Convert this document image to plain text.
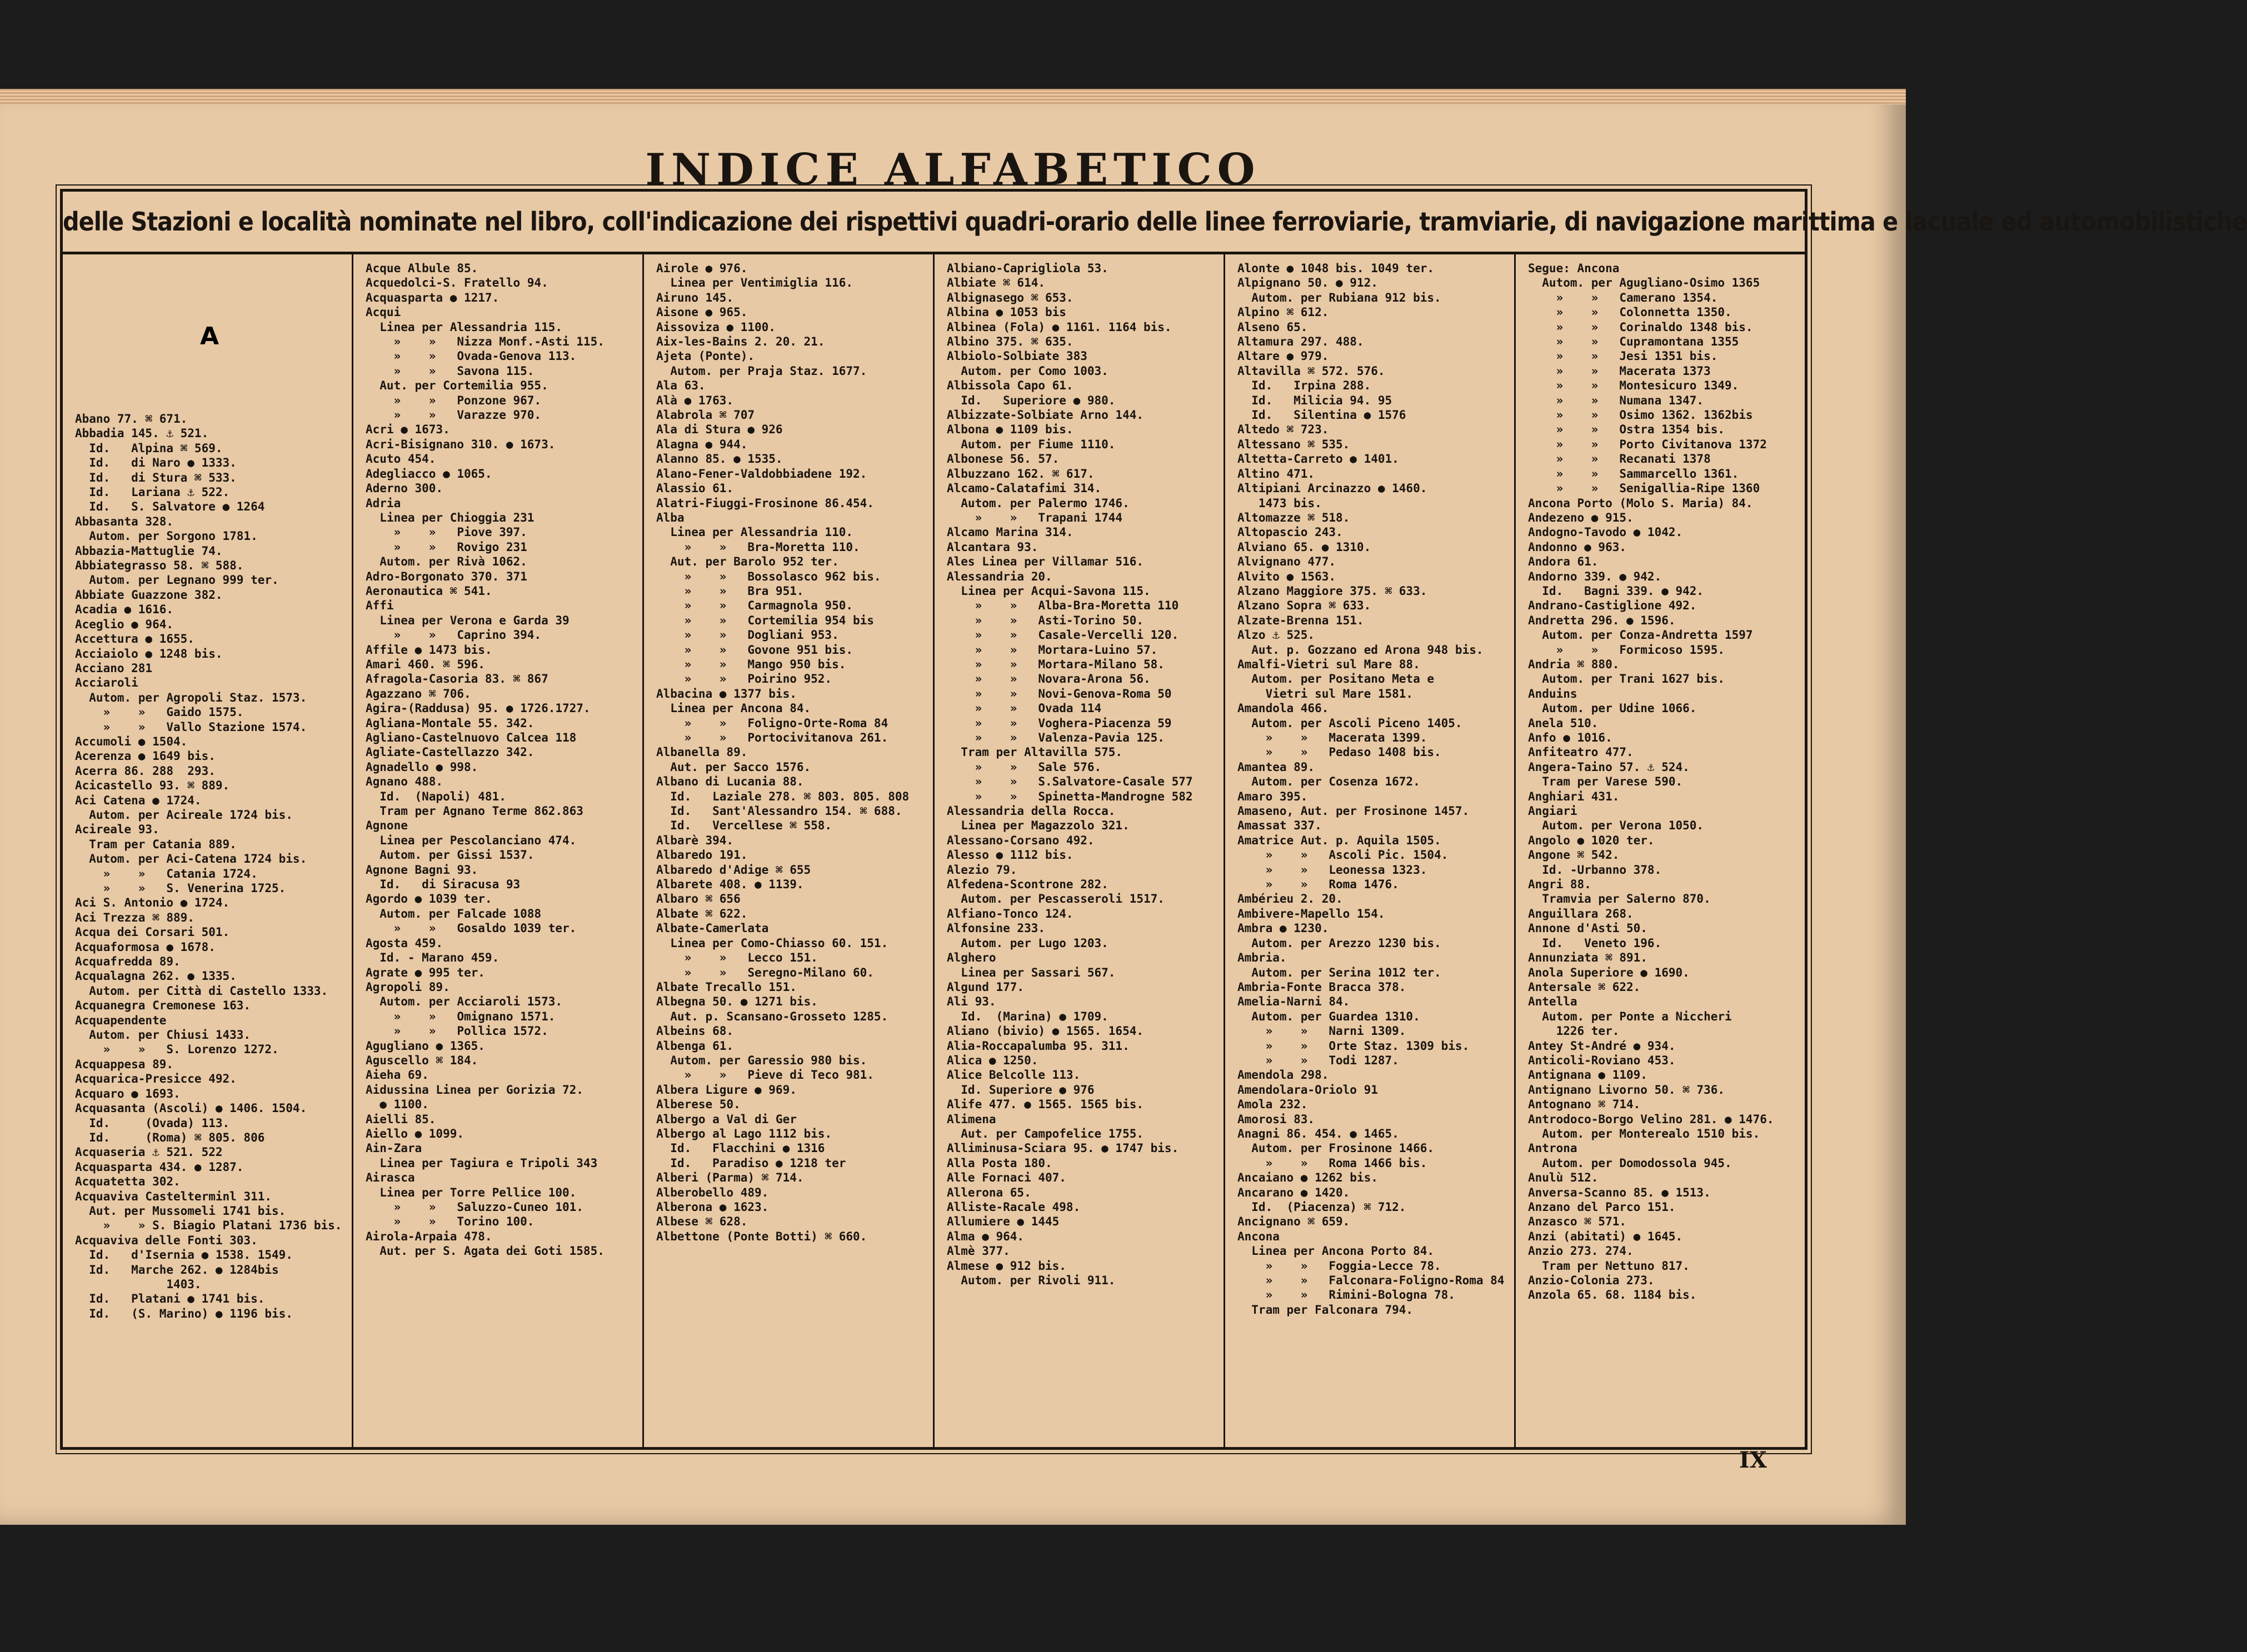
INDICE ALFABETICO
delle Stazioni e località nominate nel libro, coll'indicazione dei rispettivi quadri-orario delle linee ferroviarie, tramviarie, di navigazione marittima e lacuale ed automobilistiche
A
Abano 77. ⌘ 671.
Abbadia 145. ⚓ 521.
Id.   Alpina ⌘ 569.
Id.   di Naro ● 1333.
Id.   di Stura ⌘ 533.
Id.   Lariana ⚓ 522.
Id.   S. Salvatore ● 1264
Abbasanta 328.
Autom. per Sorgono 1781.
Abbazia-Mattuglie 74.
Abbiategrasso 58. ⌘ 588.
Autom. per Legnano 999 ter.
Abbiate Guazzone 382.
Acadia ● 1616.
Aceglio ● 964.
Accettura ● 1655.
Acciaiolo ● 1248 bis.
Acciano 281
Acciaroli
Autom. per Agropoli Staz. 1573.
»    »   Gaido 1575.
»    »   Vallo Stazione 1574.
Accumoli ● 1504.
Acerenza ● 1649 bis.
Acerra 86. 288  293.
Acicastello 93. ⌘ 889.
Aci Catena ● 1724.
Autom. per Acireale 1724 bis.
Acireale 93.
Tram per Catania 889.
Autom. per Aci-Catena 1724 bis.
»    »   Catania 1724.
»    »   S. Venerina 1725.
Aci S. Antonio ● 1724.
Aci Trezza ⌘ 889.
Acqua dei Corsari 501.
Acquaformosa ● 1678.
Acquafredda 89.
Acqualagna 262. ● 1335.
Autom. per Città di Castello 1333.
Acquanegra Cremonese 163.
Acquapendente
Autom. per Chiusi 1433.
»    »   S. Lorenzo 1272.
Acquappesa 89.
Acquarica-Presicce 492.
Acquaro ● 1693.
Acquasanta (Ascoli) ● 1406. 1504.
Id.     (Ovada) 113.
Id.     (Roma) ⌘ 805. 806
Acquaseria ⚓ 521. 522
Acquasparta 434. ● 1287.
Acquatetta 302.
Acquaviva Castelterminl 311.
Aut. per Mussomeli 1741 bis.
»    » S. Biagio Platani 1736 bis.
Acquaviva delle Fonti 303.
Id.   d'Isernia ● 1538. 1549.
Id.   Marche 262. ● 1284bis
1403.
Id.   Platani ● 1741 bis.
Id.   (S. Marino) ● 1196 bis.
Acque Albule 85.
Acquedolci-S. Fratello 94.
Acquasparta ● 1217.
Acqui
Linea per Alessandria 115.
»    »   Nizza Monf.-Asti 115.
»    »   Ovada-Genova 113.
»    »   Savona 115.
Aut. per Cortemilia 955.
»    »   Ponzone 967.
»    »   Varazze 970.
Acri ● 1673.
Acri-Bisignano 310. ● 1673.
Acuto 454.
Adegliacco ● 1065.
Aderno 300.
Adria
Linea per Chioggia 231
»    »   Piove 397.
»    »   Rovigo 231
Autom. per Rivà 1062.
Adro-Borgonato 370. 371
Aeronautica ⌘ 541.
Affi
Linea per Verona e Garda 39
»    »   Caprino 394.
Affile ● 1473 bis.
Amari 460. ⌘ 596.
Afragola-Casoria 83. ⌘ 867
Agazzano ⌘ 706.
Agira-(Raddusa) 95. ● 1726.1727.
Agliana-Montale 55. 342.
Agliano-Castelnuovo Calcea 118
Agliate-Castellazzo 342.
Agnadello ● 998.
Agnano 488.
Id.  (Napoli) 481.
Tram per Agnano Terme 862.863
Agnone
Linea per Pescolanciano 474.
Autom. per Gissi 1537.
Agnone Bagni 93.
Id.   di Siracusa 93
Agordo ● 1039 ter.
Autom. per Falcade 1088
»    »   Gosaldo 1039 ter.
Agosta 459.
Id. - Marano 459.
Agrate ● 995 ter.
Agropoli 89.
Autom. per Acciaroli 1573.
»    »   Omignano 1571.
»    »   Pollica 1572.
Agugliano ● 1365.
Aguscello ⌘ 184.
Aieha 69.
Aidussina Linea per Gorizia 72.
● 1100.
Aielli 85.
Aiello ● 1099.
Ain-Zara
Linea per Tagiura e Tripoli 343
Airasca
Linea per Torre Pellice 100.
»    »   Saluzzo-Cuneo 101.
»    »   Torino 100.
Airola-Arpaia 478.
Aut. per S. Agata dei Goti 1585.
Airole ● 976.
Linea per Ventimiglia 116.
Airuno 145.
Aisone ● 965.
Aissoviza ● 1100.
Aix-les-Bains 2. 20. 21.
Ajeta (Ponte).
Autom. per Praja Staz. 1677.
Ala 63.
Alà ● 1763.
Alabrola ⌘ 707
Ala di Stura ● 926
Alagna ● 944.
Alanno 85. ● 1535.
Alano-Fener-Valdobbiadene 192.
Alassio 61.
Alatri-Fiuggi-Frosinone 86.454.
Alba
Linea per Alessandria 110.
»    »   Bra-Moretta 110.
Aut. per Barolo 952 ter.
»    »   Bossolasco 962 bis.
»    »   Bra 951.
»    »   Carmagnola 950.
»    »   Cortemilia 954 bis
»    »   Dogliani 953.
»    »   Govone 951 bis.
»    »   Mango 950 bis.
»    »   Poirino 952.
Albacina ● 1377 bis.
Linea per Ancona 84.
»    »   Foligno-Orte-Roma 84
»    »   Portocivitanova 261.
Albanella 89.
Aut. per Sacco 1576.
Albano di Lucania 88.
Id.   Laziale 278. ⌘ 803. 805. 808
Id.   Sant'Alessandro 154. ⌘ 688.
Id.   Vercellese ⌘ 558.
Albarè 394.
Albaredo 191.
Albaredo d'Adige ⌘ 655
Albarete 408. ● 1139.
Albaro ⌘ 656
Albate ⌘ 622.
Albate-Camerlata
Linea per Como-Chiasso 60. 151.
»    »   Lecco 151.
»    »   Seregno-Milano 60.
Albate Trecallo 151.
Albegna 50. ● 1271 bis.
Aut. p. Scansano-Grosseto 1285.
Albeins 68.
Albenga 61.
Autom. per Garessio 980 bis.
»    »   Pieve di Teco 981.
Albera Ligure ● 969.
Alberese 50.
Albergo a Val di Ger
Albergo al Lago 1112 bis.
Id.   Flacchini ● 1316
Id.   Paradiso ● 1218 ter
Alberi (Parma) ⌘ 714.
Alberobello 489.
Alberona ● 1623.
Albese ⌘ 628.
Albettone (Ponte Botti) ⌘ 660.
Albiano-Caprigliola 53.
Albiate ⌘ 614.
Albignasego ⌘ 653.
Albina ● 1053 bis
Albinea (Fola) ● 1161. 1164 bis.
Albino 375. ⌘ 635.
Albiolo-Solbiate 383
Autom. per Como 1003.
Albissola Capo 61.
Id.   Superiore ● 980.
Albizzate-Solbiate Arno 144.
Albona ● 1109 bis.
Autom. per Fiume 1110.
Albonese 56. 57.
Albuzzano 162. ⌘ 617.
Alcamo-Calatafimi 314.
Autom. per Palermo 1746.
»    »   Trapani 1744
Alcamo Marina 314.
Alcantara 93.
Ales Linea per Villamar 516.
Alessandria 20.
Linea per Acqui-Savona 115.
»    »   Alba-Bra-Moretta 110
»    »   Asti-Torino 50.
»    »   Casale-Vercelli 120.
»    »   Mortara-Luino 57.
»    »   Mortara-Milano 58.
»    »   Novara-Arona 56.
»    »   Novi-Genova-Roma 50
»    »   Ovada 114
»    »   Voghera-Piacenza 59
»    »   Valenza-Pavia 125.
Tram per Altavilla 575.
»    »   Sale 576.
»    »   S.Salvatore-Casale 577
»    »   Spinetta-Mandrogne 582
Alessandria della Rocca.
Linea per Magazzolo 321.
Alessano-Corsano 492.
Alesso ● 1112 bis.
Alezio 79.
Alfedena-Scontrone 282.
Autom. per Pescasseroli 1517.
Alfiano-Tonco 124.
Alfonsine 233.
Autom. per Lugo 1203.
Alghero
Linea per Sassari 567.
Algund 177.
Ali 93.
Id.  (Marina) ● 1709.
Aliano (bivio) ● 1565. 1654.
Alia-Roccapalumba 95. 311.
Alica ● 1250.
Alice Belcolle 113.
Id. Superiore ● 976
Alife 477. ● 1565. 1565 bis.
Alimena
Aut. per Campofelice 1755.
Alliminusa-Sciara 95. ● 1747 bis.
Alla Posta 180.
Alle Fornaci 407.
Allerona 65.
Alliste-Racale 498.
Allumiere ● 1445
Alma ● 964.
Almè 377.
Almese ● 912 bis.
Autom. per Rivoli 911.
Alonte ● 1048 bis. 1049 ter.
Alpignano 50. ● 912.
Autom. per Rubiana 912 bis.
Alpino ⌘ 612.
Alseno 65.
Altamura 297. 488.
Altare ● 979.
Altavilla ⌘ 572. 576.
Id.   Irpina 288.
Id.   Milicia 94. 95
Id.   Silentina ● 1576
Altedo ⌘ 723.
Altessano ⌘ 535.
Altetta-Carreto ● 1401.
Altino 471.
Altipiani Arcinazzo ● 1460.
1473 bis.
Altomazze ⌘ 518.
Altopascio 243.
Alviano 65. ● 1310.
Alvignano 477.
Alvito ● 1563.
Alzano Maggiore 375. ⌘ 633.
Alzano Sopra ⌘ 633.
Alzate-Brenna 151.
Alzo ⚓ 525.
Aut. p. Gozzano ed Arona 948 bis.
Amalfi-Vietri sul Mare 88.
Autom. per Positano Meta e
Vietri sul Mare 1581.
Amandola 466.
Autom. per Ascoli Piceno 1405.
»    »   Macerata 1399.
»    »   Pedaso 1408 bis.
Amantea 89.
Autom. per Cosenza 1672.
Amaro 395.
Amaseno, Aut. per Frosinone 1457.
Amassat 337.
Amatrice Aut. p. Aquila 1505.
»    »   Ascoli Pic. 1504.
»    »   Leonessa 1323.
»    »   Roma 1476.
Ambérieu 2. 20.
Ambivere-Mapello 154.
Ambra ● 1230.
Autom. per Arezzo 1230 bis.
Ambria.
Autom. per Serina 1012 ter.
Ambria-Fonte Bracca 378.
Amelia-Narni 84.
Autom. per Guardea 1310.
»    »   Narni 1309.
»    »   Orte Staz. 1309 bis.
»    »   Todi 1287.
Amendola 298.
Amendolara-Oriolo 91
Amola 232.
Amorosi 83.
Anagni 86. 454. ● 1465.
Autom. per Frosinone 1466.
»    »   Roma 1466 bis.
Ancaiano ● 1262 bis.
Ancarano ● 1420.
Id.  (Piacenza) ⌘ 712.
Ancignano ⌘ 659.
Ancona
Linea per Ancona Porto 84.
»    »   Foggia-Lecce 78.
»    »   Falconara-Foligno-Roma 84
»    »   Rimini-Bologna 78.
Tram per Falconara 794.
Segue: Ancona
Autom. per Agugliano-Osimo 1365
»    »   Camerano 1354.
»    »   Colonnetta 1350.
»    »   Corinaldo 1348 bis.
»    »   Cupramontana 1355
»    »   Jesi 1351 bis.
»    »   Macerata 1373
»    »   Montesicuro 1349.
»    »   Numana 1347.
»    »   Osimo 1362. 1362bis
»    »   Ostra 1354 bis.
»    »   Porto Civitanova 1372
»    »   Recanati 1378
»    »   Sammarcello 1361.
»    »   Senigallia-Ripe 1360
Ancona Porto (Molo S. Maria) 84.
Andezeno ● 915.
Andogno-Tavodo ● 1042.
Andonno ● 963.
Andora 61.
Andorno 339. ● 942.
Id.   Bagni 339. ● 942.
Andrano-Castiglione 492.
Andretta 296. ● 1596.
Autom. per Conza-Andretta 1597
»    »   Formicoso 1595.
Andria ⌘ 880.
Autom. per Trani 1627 bis.
Anduins
Autom. per Udine 1066.
Anela 510.
Anfo ● 1016.
Anfiteatro 477.
Angera-Taino 57. ⚓ 524.
Tram per Varese 590.
Anghiari 431.
Angiari
Autom. per Verona 1050.
Angolo ● 1020 ter.
Angone ⌘ 542.
Id. -Urbanno 378.
Angri 88.
Tramvia per Salerno 870.
Anguillara 268.
Annone d'Asti 50.
Id.   Veneto 196.
Annunziata ⌘ 891.
Anola Superiore ● 1690.
Antersale ⌘ 622.
Antella
Autom. per Ponte a Niccheri
1226 ter.
Antey St-André ● 934.
Anticoli-Roviano 453.
Antignana ● 1109.
Antignano Livorno 50. ⌘ 736.
Antognano ⌘ 714.
Antrodoco-Borgo Velino 281. ● 1476.
Autom. per Monterealo 1510 bis.
Antrona
Autom. per Domodossola 945.
Anulù 512.
Anversa-Scanno 85. ● 1513.
Anzano del Parco 151.
Anzasco ⌘ 571.
Anzi (abitati) ● 1645.
Anzio 273. 274.
Tram per Nettuno 817.
Anzio-Colonia 273.
Anzola 65. 68. 1184 bis.
IX
